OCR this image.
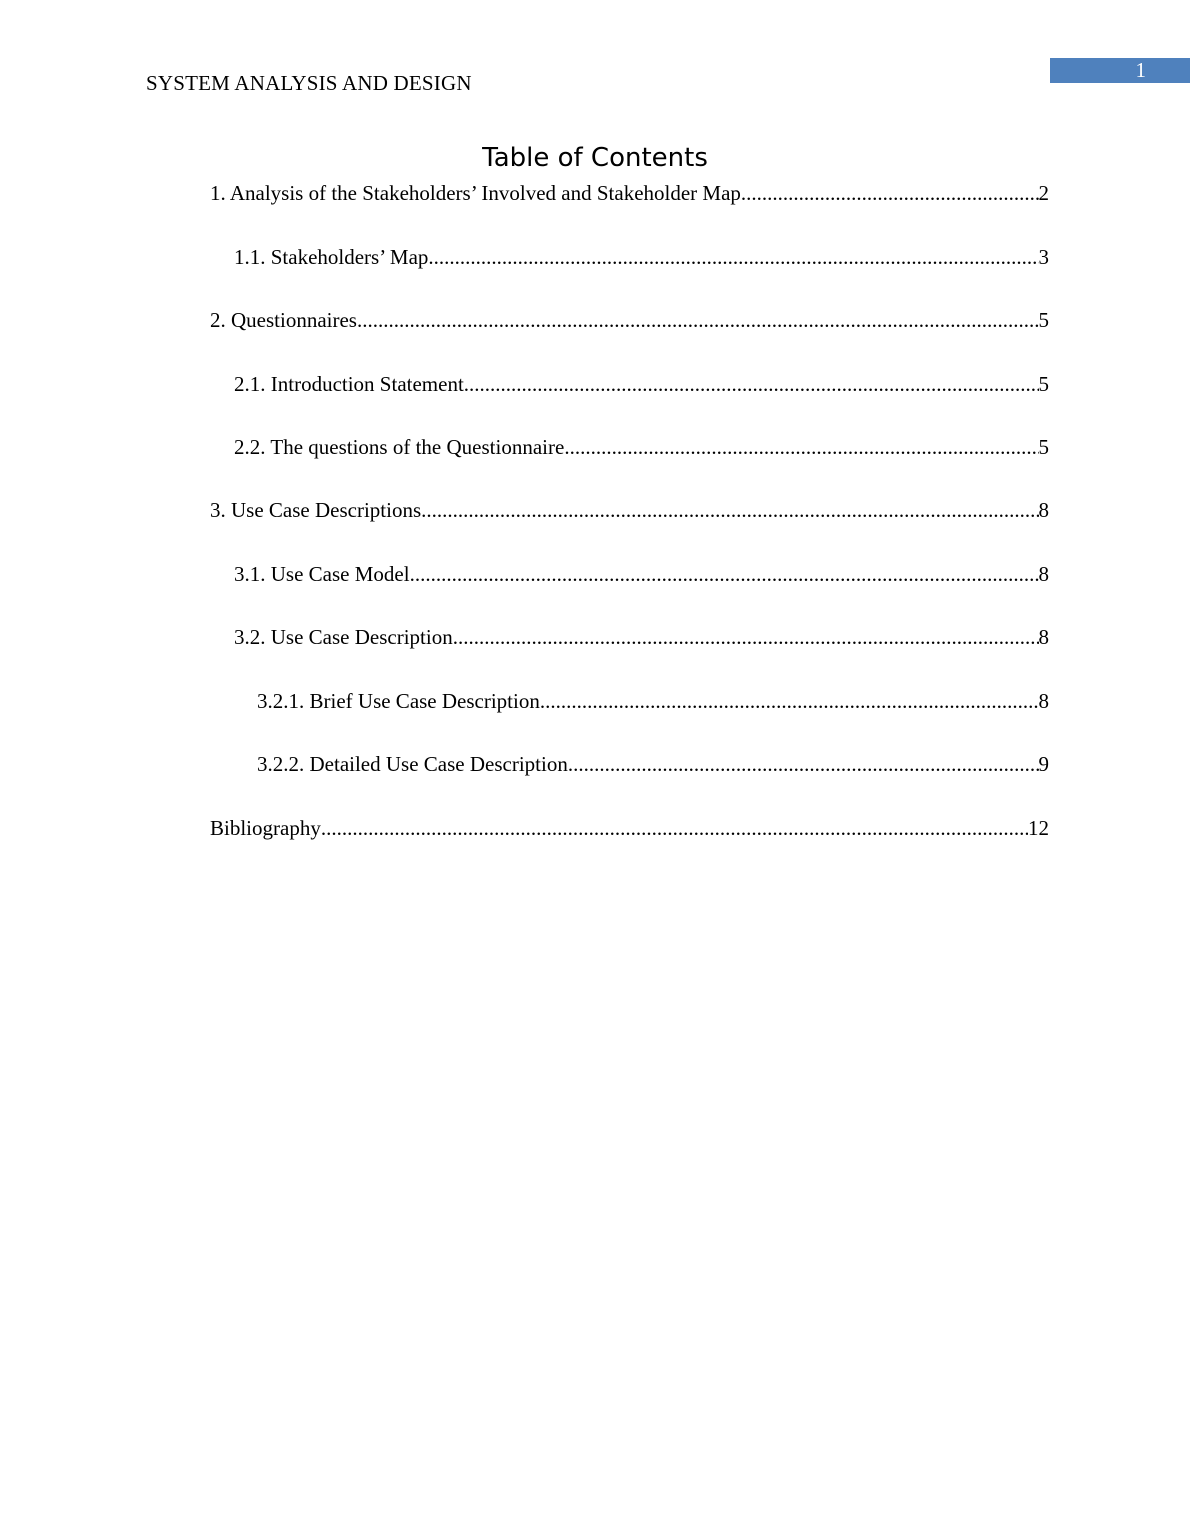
SYSTEM ANALYSIS AND DESIGN
1
Table of Contents
1. Analysis of the Stakeholders’ Involved and Stakeholder Map .....	2
1.1. Stakeholders’ Map .....	3
2. Questionnaires .....	5
2.1. Introduction Statement .....	5
2.2. The questions of the Questionnaire .....	5
3. Use Case Descriptions .....	8
3.1. Use Case Model .....	8
3.2. Use Case Description .....	8
3.2.1. Brief Use Case Description .....	8
3.2.2. Detailed Use Case Description .....	9
Bibliography .....	12
